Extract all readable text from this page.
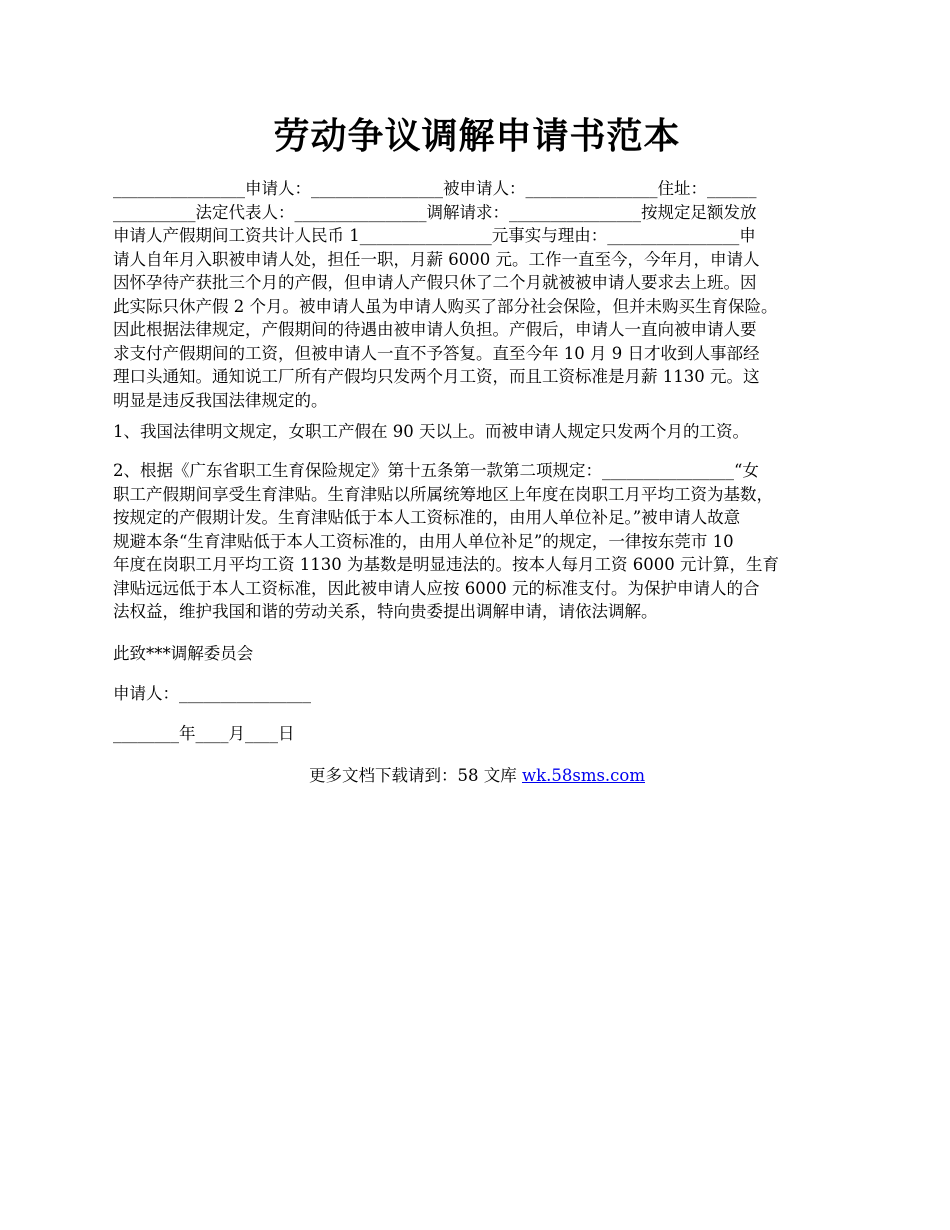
劳动争议调解申请书范本
________________申请人：________________被申请人：________________住址：______
__________法定代表人：________________调解请求：________________按规定足额发放
申请人产假期间工资共计人民币 1________________元事实与理由：________________申
请人自年月入职被申请人处，担任一职，月薪 6000 元。工作一直至今，今年月，申请人
因怀孕待产获批三个月的产假，但申请人产假只休了二个月就被被申请人要求去上班。因
此实际只休产假 2 个月。被申请人虽为申请人购买了部分社会保险，但并未购买生育保险。
因此根据法律规定，产假期间的待遇由被申请人负担。产假后，申请人一直向被申请人要
求支付产假期间的工资，但被申请人一直不予答复。直至今年 10 月 9 日才收到人事部经
理口头通知。通知说工厂所有产假均只发两个月工资，而且工资标准是月薪 1130 元。这
明显是违反我国法律规定的。
1、我国法律明文规定，女职工产假在 90 天以上。而被申请人规定只发两个月的工资。
2、根据《广东省职工生育保险规定》第十五条第一款第二项规定：________________“女
职工产假期间享受生育津贴。生育津贴以所属统筹地区上年度在岗职工月平均工资为基数，
按规定的产假期计发。生育津贴低于本人工资标准的，由用人单位补足。”被申请人故意
规避本条“生育津贴低于本人工资标准的，由用人单位补足”的规定，一律按东莞市 10
年度在岗职工月平均工资 1130 为基数是明显违法的。按本人每月工资 6000 元计算，生育
津贴远远低于本人工资标准，因此被申请人应按 6000 元的标准支付。为保护申请人的合
法权益，维护我国和谐的劳动关系，特向贵委提出调解申请，请依法调解。
此致***调解委员会
申请人：________________
________年____月____日
更多文档下载请到：58 文库 wk.58sms.com
